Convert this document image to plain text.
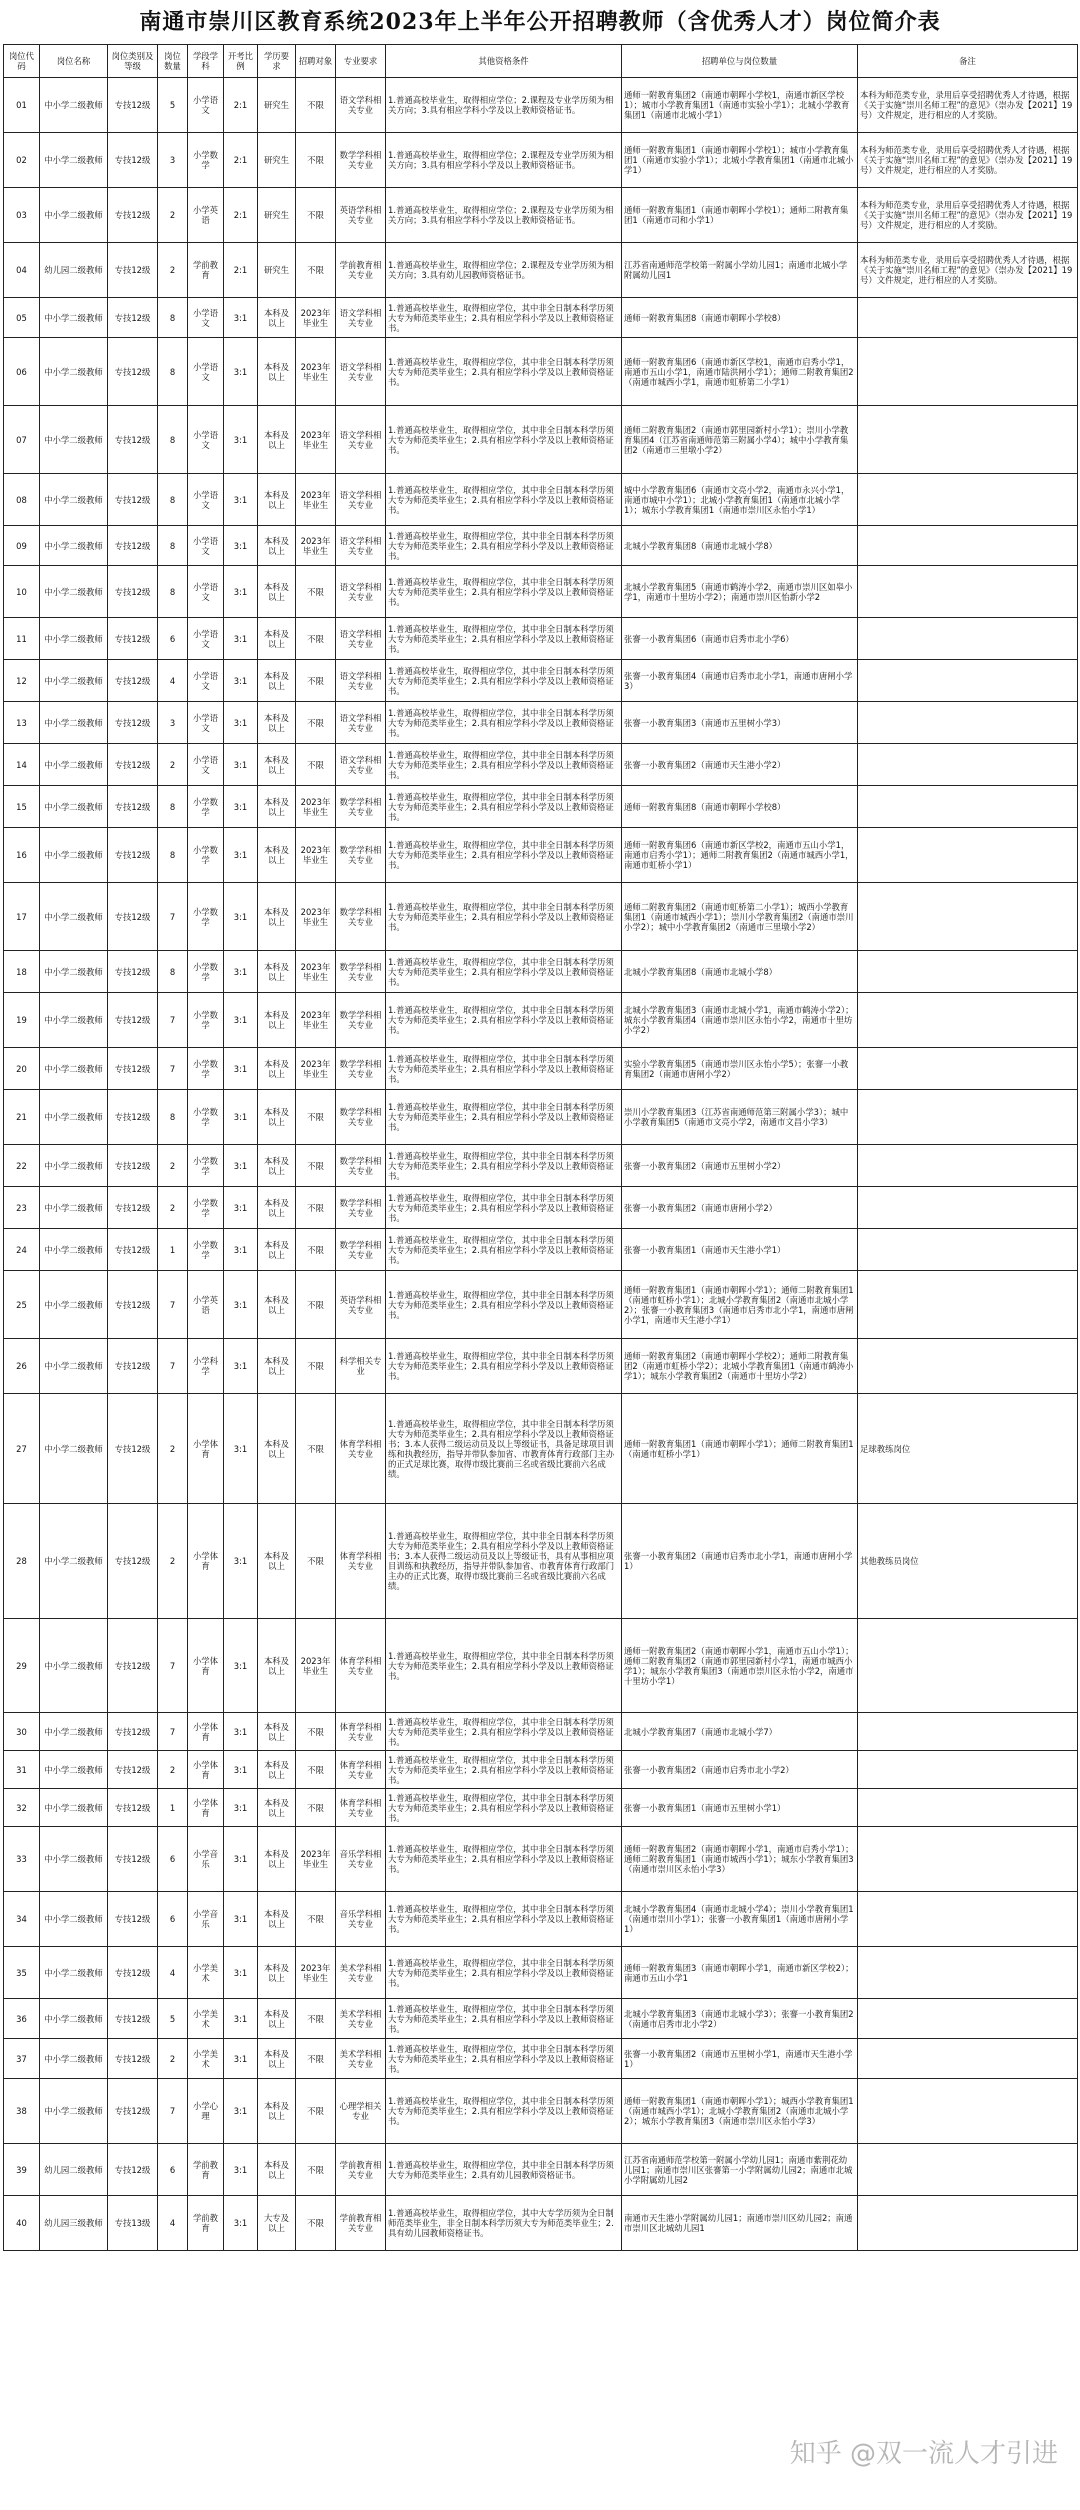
南通市崇川区教育系统2023年上半年公开招聘教师（含优秀人才）岗位简介表
岗位代码	岗位名称	岗位类别及等级	岗位数量	学段学科	开考比例	学历要求	招聘对象	专业要求	其他资格条件	招聘单位与岗位数量	备注
01	中小学二级教师	专技12级	5	小学语文	2:1	研究生	不限	语文学科相关专业	1.普通高校毕业生，取得相应学位；2.课程及专业学历须为相关方向；3.具有相应学科小学及以上教师资格证书。	通师一附教育集团2（南通市朝晖小学校1，南通市新区学校1）；城市小学教育集团1（南通市实验小学1）；北城小学教育集团1（南通市北城小学1）	本科为师范类专业，录用后享受招聘优秀人才待遇，根据《关于实施“崇川名师工程”的意见》（崇办发【2021】19号）文件规定，进行相应的人才奖励。
02	中小学二级教师	专技12级	3	小学数学	2:1	研究生	不限	数学学科相关专业	1.普通高校毕业生，取得相应学位；2.课程及专业学历须为相关方向；3.具有相应学科小学及以上教师资格证书。	通师一附教育集团1（南通市朝晖小学校1）；城市小学教育集团1（南通市实验小学1）；北城小学教育集团1（南通市北城小学1）	本科为师范类专业，录用后享受招聘优秀人才待遇，根据《关于实施“崇川名师工程”的意见》（崇办发【2021】19号）文件规定，进行相应的人才奖励。
03	中小学二级教师	专技12级	2	小学英语	2:1	研究生	不限	英语学科相关专业	1.普通高校毕业生，取得相应学位；2.课程及专业学历须为相关方向；3.具有相应学科小学及以上教师资格证书。	通师一附教育集团1（南通市朝晖小学校1）；通师二附教育集团1（南通市司和小学1）	本科为师范类专业，录用后享受招聘优秀人才待遇，根据《关于实施“崇川名师工程”的意见》（崇办发【2021】19号）文件规定，进行相应的人才奖励。
04	幼儿园二级教师	专技12级	2	学前教育	2:1	研究生	不限	学前教育相关专业	1.普通高校毕业生，取得相应学位；2.课程及专业学历须为相关方向；3.具有幼儿园教师资格证书。	江苏省南通师范学校第一附属小学幼儿园1；南通市北城小学附属幼儿园1	本科为师范类专业，录用后享受招聘优秀人才待遇，根据《关于实施“崇川名师工程”的意见》（崇办发【2021】19号）文件规定，进行相应的人才奖励。
05	中小学二级教师	专技12级	8	小学语文	3:1	本科及以上	2023年毕业生	语文学科相关专业	1.普通高校毕业生，取得相应学位，其中非全日制本科学历须大专为师范类毕业生；2.具有相应学科小学及以上教师资格证书。	通师一附教育集团8（南通市朝晖小学校8）	
06	中小学二级教师	专技12级	8	小学语文	3:1	本科及以上	2023年毕业生	语文学科相关专业	1.普通高校毕业生，取得相应学位，其中非全日制本科学历须大专为师范类毕业生；2.具有相应学科小学及以上教师资格证书。	通师一附教育集团6（南通市新区学校1，南通市启秀小学1，南通市五山小学1，南通市陆洪闸小学1）；通师二附教育集团2（南通市城西小学1，南通市虹桥第二小学1）	
07	中小学二级教师	专技12级	8	小学语文	3:1	本科及以上	2023年毕业生	语文学科相关专业	1.普通高校毕业生，取得相应学位，其中非全日制本科学历须大专为师范类毕业生；2.具有相应学科小学及以上教师资格证书。	通师二附教育集团2（南通市郭里园新村小学1）；崇川小学教育集团4（江苏省南通师范第三附属小学4）；城中小学教育集团2（南通市三里墩小学2）	
08	中小学二级教师	专技12级	8	小学语文	3:1	本科及以上	2023年毕业生	语文学科相关专业	1.普通高校毕业生，取得相应学位，其中非全日制本科学历须大专为师范类毕业生；2.具有相应学科小学及以上教师资格证书。	城中小学教育集团6（南通市文亮小学2，南通市永兴小学1，南通市城中小学1）；北城小学教育集团1（南通市北城小学1）；城东小学教育集团1（南通市崇川区永怡小学1）	
09	中小学二级教师	专技12级	8	小学语文	3:1	本科及以上	2023年毕业生	语文学科相关专业	1.普通高校毕业生，取得相应学位，其中非全日制本科学历须大专为师范类毕业生；2.具有相应学科小学及以上教师资格证书。	北城小学教育集团8（南通市北城小学8）	
10	中小学二级教师	专技12级	8	小学语文	3:1	本科及以上	不限	语文学科相关专业	1.普通高校毕业生，取得相应学位，其中非全日制本科学历须大专为师范类毕业生；2.具有相应学科小学及以上教师资格证书。	北城小学教育集团5（南通市鹤涛小学2，南通市崇川区如皋小学1，南通市十里坊小学2）；南通市崇川区怡新小学2	
11	中小学二级教师	专技12级	6	小学语文	3:1	本科及以上	不限	语文学科相关专业	1.普通高校毕业生，取得相应学位，其中非全日制本科学历须大专为师范类毕业生；2.具有相应学科小学及以上教师资格证书。	张謇一小教育集团6（南通市启秀市北小学6）	
12	中小学二级教师	专技12级	4	小学语文	3:1	本科及以上	不限	语文学科相关专业	1.普通高校毕业生，取得相应学位，其中非全日制本科学历须大专为师范类毕业生；2.具有相应学科小学及以上教师资格证书。	张謇一小教育集团4（南通市启秀市北小学1，南通市唐闸小学3）	
13	中小学二级教师	专技12级	3	小学语文	3:1	本科及以上	不限	语文学科相关专业	1.普通高校毕业生，取得相应学位，其中非全日制本科学历须大专为师范类毕业生；2.具有相应学科小学及以上教师资格证书。	张謇一小教育集团3（南通市五里树小学3）	
14	中小学二级教师	专技12级	2	小学语文	3:1	本科及以上	不限	语文学科相关专业	1.普通高校毕业生，取得相应学位，其中非全日制本科学历须大专为师范类毕业生；2.具有相应学科小学及以上教师资格证书。	张謇一小教育集团2（南通市天生港小学2）	
15	中小学二级教师	专技12级	8	小学数学	3:1	本科及以上	2023年毕业生	数学学科相关专业	1.普通高校毕业生，取得相应学位，其中非全日制本科学历须大专为师范类毕业生；2.具有相应学科小学及以上教师资格证书。	通师一附教育集团8（南通市朝晖小学校8）	
16	中小学二级教师	专技12级	8	小学数学	3:1	本科及以上	2023年毕业生	数学学科相关专业	1.普通高校毕业生，取得相应学位，其中非全日制本科学历须大专为师范类毕业生；2.具有相应学科小学及以上教师资格证书。	通师一附教育集团6（南通市新区学校2，南通市五山小学1，南通市启秀小学1）；通师二附教育集团2（南通市城西小学1，南通市虹桥小学1）	
17	中小学二级教师	专技12级	7	小学数学	3:1	本科及以上	2023年毕业生	数学学科相关专业	1.普通高校毕业生，取得相应学位，其中非全日制本科学历须大专为师范类毕业生；2.具有相应学科小学及以上教师资格证书。	通师二附教育集团2（南通市虹桥第二小学1）；城西小学教育集团1（南通市城西小学1）；崇川小学教育集团2（南通市崇川小学2）；城中小学教育集团2（南通市三里墩小学2）	
18	中小学二级教师	专技12级	8	小学数学	3:1	本科及以上	2023年毕业生	数学学科相关专业	1.普通高校毕业生，取得相应学位，其中非全日制本科学历须大专为师范类毕业生；2.具有相应学科小学及以上教师资格证书。	北城小学教育集团8（南通市北城小学8）	
19	中小学二级教师	专技12级	7	小学数学	3:1	本科及以上	2023年毕业生	数学学科相关专业	1.普通高校毕业生，取得相应学位，其中非全日制本科学历须大专为师范类毕业生；2.具有相应学科小学及以上教师资格证书。	北城小学教育集团3（南通市北城小学1，南通市鹤涛小学2）；城东小学教育集团4（南通市崇川区永怡小学2，南通市十里坊小学2）	
20	中小学二级教师	专技12级	7	小学数学	3:1	本科及以上	2023年毕业生	数学学科相关专业	1.普通高校毕业生，取得相应学位，其中非全日制本科学历须大专为师范类毕业生；2.具有相应学科小学及以上教师资格证书。	实验小学教育集团5（南通市崇川区永怡小学5）；张謇一小教育集团2（南通市唐闸小学2）	
21	中小学二级教师	专技12级	8	小学数学	3:1	本科及以上	不限	数学学科相关专业	1.普通高校毕业生，取得相应学位，其中非全日制本科学历须大专为师范类毕业生；2.具有相应学科小学及以上教师资格证书。	崇川小学教育集团3（江苏省南通师范第三附属小学3）；城中小学教育集团5（南通市文亮小学2，南通市文昌小学3）	
22	中小学二级教师	专技12级	2	小学数学	3:1	本科及以上	不限	数学学科相关专业	1.普通高校毕业生，取得相应学位，其中非全日制本科学历须大专为师范类毕业生；2.具有相应学科小学及以上教师资格证书。	张謇一小教育集团2（南通市五里树小学2）	
23	中小学二级教师	专技12级	2	小学数学	3:1	本科及以上	不限	数学学科相关专业	1.普通高校毕业生，取得相应学位，其中非全日制本科学历须大专为师范类毕业生；2.具有相应学科小学及以上教师资格证书。	张謇一小教育集团2（南通市唐闸小学2）	
24	中小学二级教师	专技12级	1	小学数学	3:1	本科及以上	不限	数学学科相关专业	1.普通高校毕业生，取得相应学位，其中非全日制本科学历须大专为师范类毕业生；2.具有相应学科小学及以上教师资格证书。	张謇一小教育集团1（南通市天生港小学1）	
25	中小学二级教师	专技12级	7	小学英语	3:1	本科及以上	不限	英语学科相关专业	1.普通高校毕业生，取得相应学位，其中非全日制本科学历须大专为师范类毕业生；2.具有相应学科小学及以上教师资格证书。	通师一附教育集团1（南通市朝晖小学1）；通师二附教育集团1（南通市虹桥小学1）；北城小学教育集团2（南通市北城小学2）；张謇一小教育集团3（南通市启秀市北小学1，南通市唐闸小学1，南通市天生港小学1）	
26	中小学二级教师	专技12级	7	小学科学	3:1	本科及以上	不限	科学相关专业	1.普通高校毕业生，取得相应学位，其中非全日制本科学历须大专为师范类毕业生；2.具有相应学科小学及以上教师资格证书。	通师一附教育集团2（南通市朝晖小学校2）；通师二附教育集团2（南通市虹桥小学2）；北城小学教育集团1（南通市鹤涛小学1）；城东小学教育集团2（南通市十里坊小学2）	
27	中小学二级教师	专技12级	2	小学体育	3:1	本科及以上	不限	体育学科相关专业	1.普通高校毕业生，取得相应学位，其中非全日制本科学历须大专为师范类毕业生；2.具有相应学科小学及以上教师资格证书；3.本人获得二级运动员及以上等级证书，具备足球项目训练和执教经历，指导并带队参加省、市教育体育行政部门主办的正式足球比赛，取得市级比赛前三名或省级比赛前六名成绩。	通师一附教育集团1（南通市朝晖小学1）；通师二附教育集团1（南通市虹桥小学1）	足球教练岗位
28	中小学二级教师	专技12级	2	小学体育	3:1	本科及以上	不限	体育学科相关专业	1.普通高校毕业生，取得相应学位，其中非全日制本科学历须大专为师范类毕业生；2.具有相应学科小学及以上教师资格证书；3.本人获得二级运动员及以上等级证书，具有从事相应项目训练和执教经历，指导并带队参加省、市教育体育行政部门主办的正式比赛，取得市级比赛前三名或省级比赛前六名成绩。	张謇一小教育集团2（南通市启秀市北小学1，南通市唐闸小学1）	其他教练员岗位
29	中小学二级教师	专技12级	7	小学体育	3:1	本科及以上	2023年毕业生	体育学科相关专业	1.普通高校毕业生，取得相应学位，其中非全日制本科学历须大专为师范类毕业生；2.具有相应学科小学及以上教师资格证书。	通师一附教育集团2（南通市朝晖小学1，南通市五山小学1）；通师二附教育集团2（南通市郭里园新村小学1，南通市城西小学1）；城东小学教育集团3（南通市崇川区永怡小学2，南通市十里坊小学1）	
30	中小学二级教师	专技12级	7	小学体育	3:1	本科及以上	不限	体育学科相关专业	1.普通高校毕业生，取得相应学位，其中非全日制本科学历须大专为师范类毕业生；2.具有相应学科小学及以上教师资格证书。	北城小学教育集团7（南通市北城小学7）	
31	中小学二级教师	专技12级	2	小学体育	3:1	本科及以上	不限	体育学科相关专业	1.普通高校毕业生，取得相应学位，其中非全日制本科学历须大专为师范类毕业生；2.具有相应学科小学及以上教师资格证书。	张謇一小教育集团2（南通市启秀市北小学2）	
32	中小学二级教师	专技12级	1	小学体育	3:1	本科及以上	不限	体育学科相关专业	1.普通高校毕业生，取得相应学位，其中非全日制本科学历须大专为师范类毕业生；2.具有相应学科小学及以上教师资格证书。	张謇一小教育集团1（南通市五里树小学1）	
33	中小学二级教师	专技12级	6	小学音乐	3:1	本科及以上	2023年毕业生	音乐学科相关专业	1.普通高校毕业生，取得相应学位，其中非全日制本科学历须大专为师范类毕业生；2.具有相应学科小学及以上教师资格证书。	通师一附教育集团2（南通市朝晖小学1，南通市启秀小学1）；通师二附教育集团1（南通市城西小学1）；城东小学教育集团3（南通市崇川区永怡小学3）	
34	中小学二级教师	专技12级	6	小学音乐	3:1	本科及以上	不限	音乐学科相关专业	1.普通高校毕业生，取得相应学位，其中非全日制本科学历须大专为师范类毕业生；2.具有相应学科小学及以上教师资格证书。	北城小学教育集团4（南通市北城小学4）；崇川小学教育集团1（南通市崇川小学1）；张謇一小教育集团1（南通市唐闸小学1）	
35	中小学二级教师	专技12级	4	小学美术	3:1	本科及以上	2023年毕业生	美术学科相关专业	1.普通高校毕业生，取得相应学位，其中非全日制本科学历须大专为师范类毕业生；2.具有相应学科小学及以上教师资格证书。	通师一附教育集团3（南通市朝晖小学1，南通市新区学校2）；南通市五山小学1	
36	中小学二级教师	专技12级	5	小学美术	3:1	本科及以上	不限	美术学科相关专业	1.普通高校毕业生，取得相应学位，其中非全日制本科学历须大专为师范类毕业生；2.具有相应学科小学及以上教师资格证书。	北城小学教育集团3（南通市北城小学3）；张謇一小教育集团2（南通市启秀市北小学2）	
37	中小学二级教师	专技12级	2	小学美术	3:1	本科及以上	不限	美术学科相关专业	1.普通高校毕业生，取得相应学位，其中非全日制本科学历须大专为师范类毕业生；2.具有相应学科小学及以上教师资格证书。	张謇一小教育集团2（南通市五里树小学1，南通市天生港小学1）	
38	中小学二级教师	专技12级	7	小学心理	3:1	本科及以上	不限	心理学相关专业	1.普通高校毕业生，取得相应学位，其中非全日制本科学历须大专为师范类毕业生；2.具有相应学科小学及以上教师资格证书。	通师一附教育集团1（南通市朝晖小学1）；城西小学教育集团1（南通市城西小学1）；北城小学教育集团2（南通市北城小学2）；城东小学教育集团3（南通市崇川区永怡小学3）	
39	幼儿园二级教师	专技12级	6	学前教育	3:1	本科及以上	不限	学前教育相关专业	1.普通高校毕业生，取得相应学位，其中非全日制本科学历须大专为师范类毕业生；2.具有幼儿园教师资格证书。	江苏省南通师范学校第一附属小学幼儿园1；南通市紫荆花幼儿园1；南通市崇川区张謇第一小学附属幼儿园2；南通市北城小学附属幼儿园2	
40	幼儿园三级教师	专技13级	4	学前教育	3:1	大专及以上	不限	学前教育相关专业	1.普通高校毕业生，取得相应学位，其中大专学历须为全日制师范类毕业生，非全日制本科学历须大专为师范类毕业生；2.具有幼儿园教师资格证书。	南通市天生港小学附属幼儿园1；南通市崇川区幼儿园2；南通市崇川区北城幼儿园1	
知乎 @双一流人才引进
